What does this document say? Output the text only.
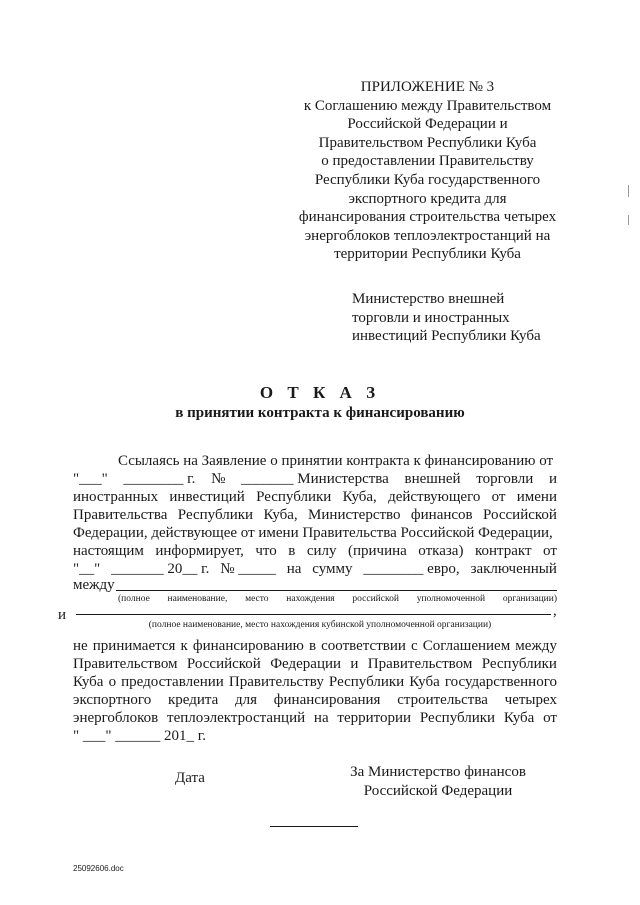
ПРИЛОЖЕНИЕ № 3
к Соглашению между Правительством
Российской Федерации и
Правительством Республики Куба
о предоставлении Правительству
Республики Куба государственного
экспортного кредита для
финансирования строительства четырех
энергоблоков теплоэлектростанций на
территории Республики Куба
Министерство внешней
торговли и иностранных
инвестиций Республики Куба
О Т К А З
в принятии контракта к финансированию
Ссылаясь на Заявление о принятии контракта к финансированию от
"___" ________ г. № _______ Министерства внешней торговли и
иностранных инвестиций Республики Куба, действующего от имени
Правительства Республики Куба, Министерство финансов Российской
Федерации, действующее от имени Правительства Российской Федерации,
настоящим информирует, что в силу (причина отказа) контракт от
"__" _______ 20__ г. № _____ на сумму ________ евро, заключенный
между
(полное наименование, место нахождения российской уполномоченной организации)
и	,
(полное наименование, место нахождения кубинской уполномоченной организации)
не принимается к финансированию в соответствии с Соглашением между
Правительством Российской Федерации и Правительством Республики
Куба о предоставлении Правительству Республики Куба государственного
экспортного кредита для финансирования строительства четырех
энергоблоков теплоэлектростанций на территории Республики Куба от
" ___" ______ 201_ г.
Дата	За Министерство финансов
Российской Федерации
25092606.doc
